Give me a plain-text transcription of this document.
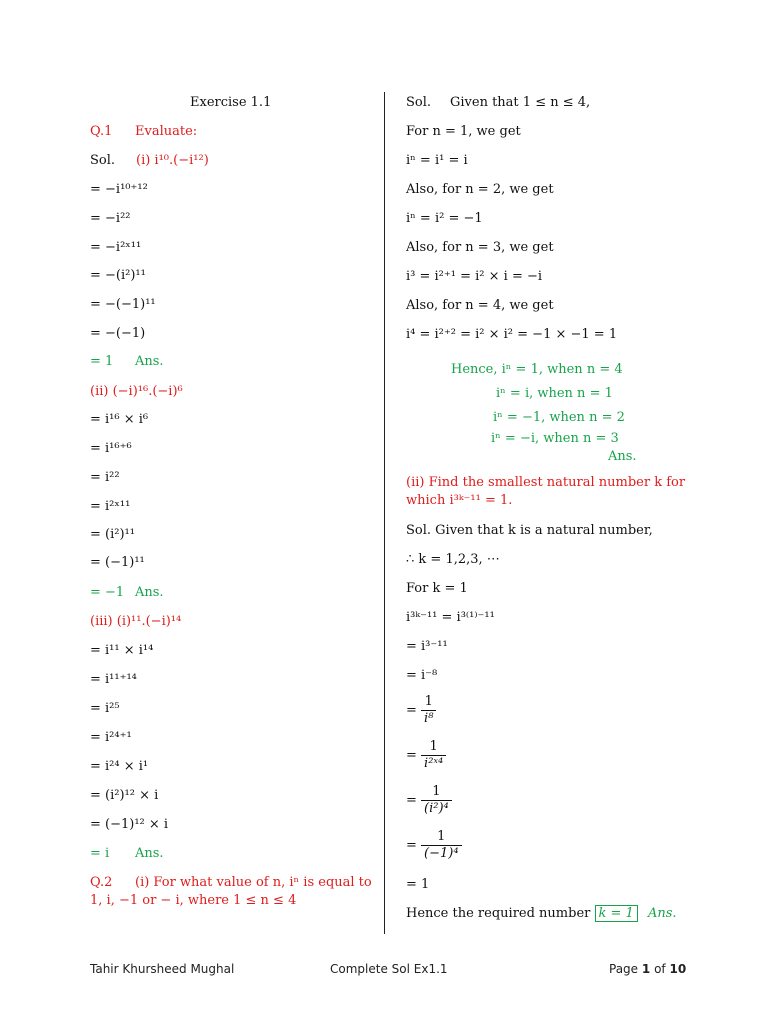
Exercise 1.1
Q.1 Evaluate:
Sol. (i) i¹⁰.(−i¹²)
= −i¹⁰⁺¹²
= −i²²
= −i²ˣ¹¹
= −(i²)¹¹
= −(−1)¹¹
= −(−1)
= 1 Ans.
(ii) (−i)¹⁶.(−i)⁶
= i¹⁶ × i⁶
= i¹⁶⁺⁶
= i²²
= i²ˣ¹¹
= (i²)¹¹
= (−1)¹¹
= −1 Ans.
(iii) (i)¹¹.(−i)¹⁴
= i¹¹ × i¹⁴
= i¹¹⁺¹⁴
= i²⁵
= i²⁴⁺¹
= i²⁴ × i¹
= (i²)¹² × i
= (−1)¹² × i
= i Ans.
Q.2 (i) For what value of n, iⁿ is equal to
1, i, −1 or − i, where 1 ≤ n ≤ 4
Sol. Given that 1 ≤ n ≤ 4,
For n = 1, we get
iⁿ = i¹ = i
Also, for n = 2, we get
iⁿ = i² = −1
Also, for n = 3, we get
i³ = i²⁺¹ = i² × i = −i
Also, for n = 4, we get
i⁴ = i²⁺² = i² × i² = −1 × −1 = 1
Hence, iⁿ = 1, when n = 4
iⁿ = i, when n = 1
iⁿ = −1, when n = 2
iⁿ = −i, when n = 3
Ans.
(ii) Find the smallest natural number k for
which i³ᵏ⁻¹¹ = 1.
Sol. Given that k is a natural number,
∴ k = 1,2,3, ⋯
For k = 1
i³ᵏ⁻¹¹ = i³⁽¹⁾⁻¹¹
= i³⁻¹¹
= i⁻⁸
= $\frac{1}{\text{i⁸}}$
= $\frac{1}{\text{i²ˣ⁴}}$
= $\frac{1}{\text{(i²)⁴}}$
= $\frac{1}{\text{(−1)⁴}}$
= 1
Hence the required number k = 1	Ans.
Tahir Khursheed Mughal	Complete Sol Ex1.1	Page 1 of 10
